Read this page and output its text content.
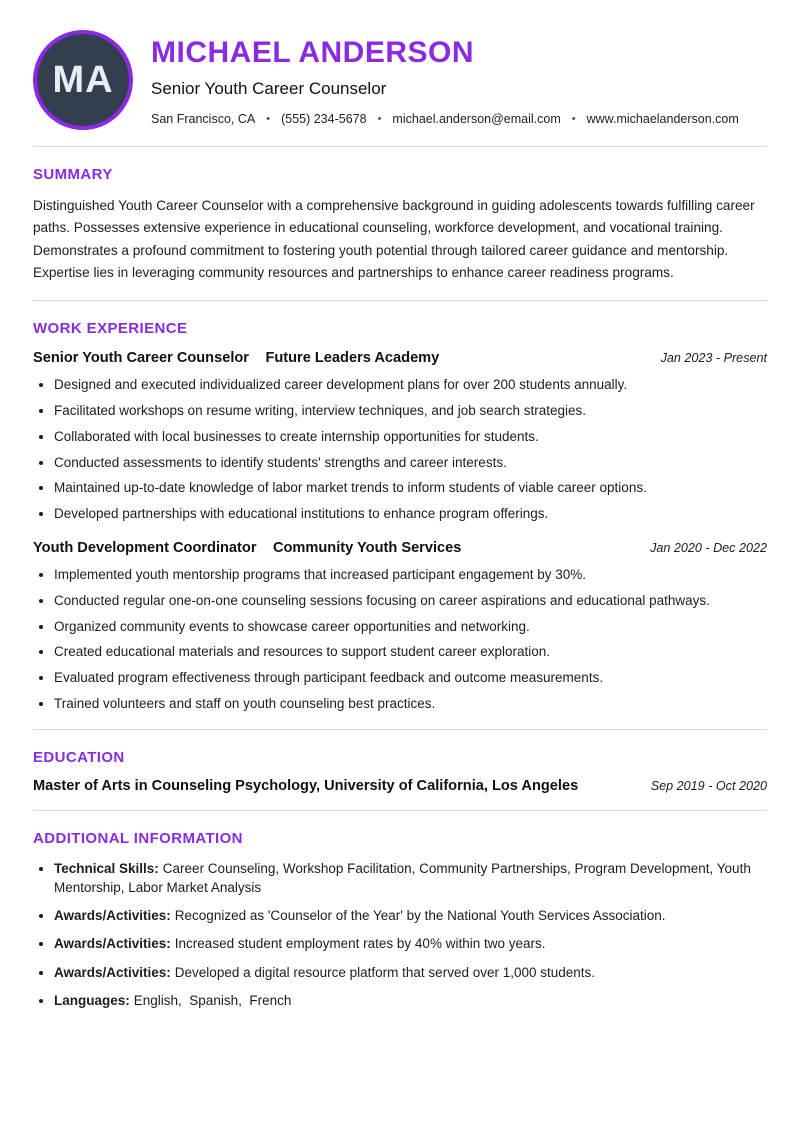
MA
MICHAEL ANDERSON
Senior Youth Career Counselor
San Francisco, CA • (555) 234-5678 • michael.anderson@email.com • www.michaelanderson.com
SUMMARY

Distinguished Youth Career Counselor with a comprehensive background in guiding adolescents towards fulfilling career paths. Possesses extensive experience in educational counseling, workforce development, and vocational training. Demonstrates a profound commitment to fostering youth potential through tailored career guidance and mentorship. Expertise lies in leveraging community resources and partnerships to enhance career readiness programs.

WORK EXPERIENCE
Senior Youth Career Counselor Future Leaders Academy	Jan 2023 - Present
• Designed and executed individualized career development plans for over 200 students annually.
• Facilitated workshops on resume writing, interview techniques, and job search strategies.
• Collaborated with local businesses to create internship opportunities for students.
• Conducted assessments to identify students' strengths and career interests.
• Maintained up-to-date knowledge of labor market trends to inform students of viable career options.
• Developed partnerships with educational institutions to enhance program offerings.
Youth Development Coordinator Community Youth Services	Jan 2020 - Dec 2022
• Implemented youth mentorship programs that increased participant engagement by 30%.
• Conducted regular one-on-one counseling sessions focusing on career aspirations and educational pathways.
• Organized community events to showcase career opportunities and networking.
• Created educational materials and resources to support student career exploration.
• Evaluated program effectiveness through participant feedback and outcome measurements.
• Trained volunteers and staff on youth counseling best practices.
EDUCATION
Master of Arts in Counseling Psychology, University of California, Los Angeles	Sep 2019 - Oct 2020
ADDITIONAL INFORMATION
• Technical Skills: Career Counseling, Workshop Facilitation, Community Partnerships, Program Development, Youth Mentorship, Labor Market Analysis
• Awards/Activities: Recognized as 'Counselor of the Year' by the National Youth Services Association.
• Awards/Activities: Increased student employment rates by 40% within two years.
• Awards/Activities: Developed a digital resource platform that served over 1,000 students.
• Languages: English,  Spanish,  French
